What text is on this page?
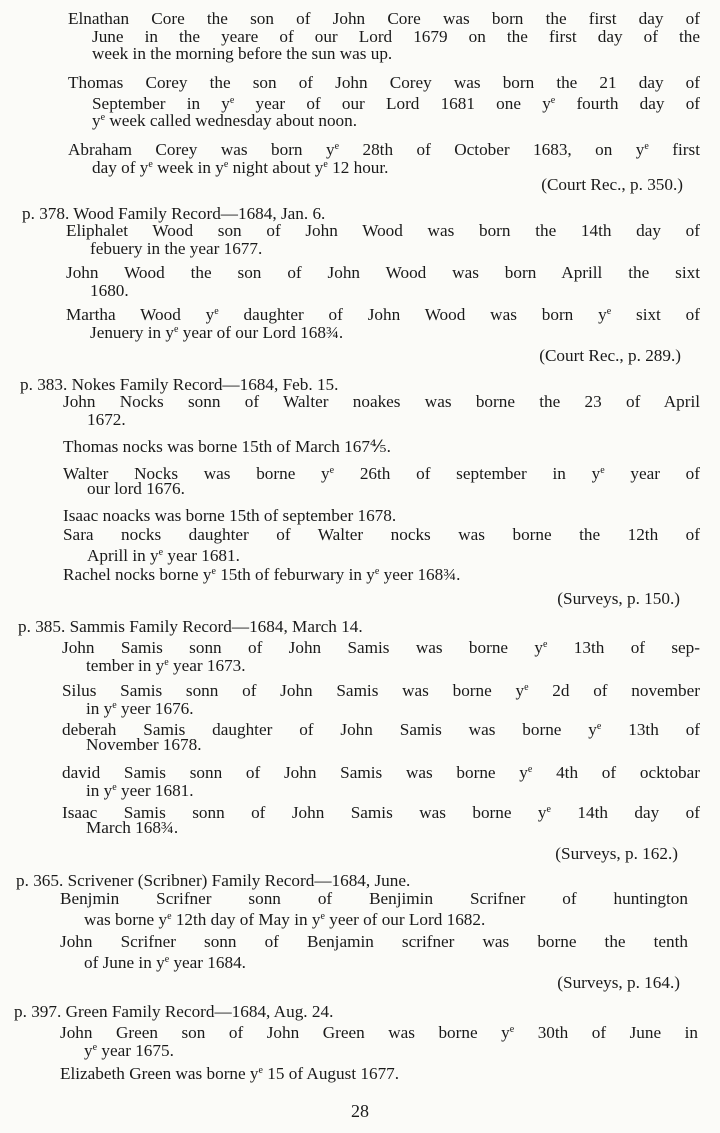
Elnathan Core the son of John Core was born the first day of
June in the yeare of our Lord 1679 on the first day of the
week in the morning before the sun was up.
Thomas Corey the son of John Corey was born the 21 day of
September in $y^e$ year of our Lord 1681 one $y^e$ fourth day of
$y^e$ week called wednesday about noon.
Abraham Corey was born $y^e$ 28th of October 1683, on $y^e$ first
day of $y^e$ week in $y^e$ night about $y^e$ 12 hour.

(Court Rec., p. 350.)

p. 378. Wood Family Record—1684, Jan. 6.

Eliphalet Wood son of John Wood was born the 14th day of
febuery in the year 1677.
John Wood the son of John Wood was born Aprill the sixt
1680.
Martha Wood $y^e$ daughter of John Wood was born $y^e$ sixt of
Jenuery in $y^e$ year of our Lord 168¾.

(Court Rec., p. 289.)

p. 383. Nokes Family Record—1684, Feb. 15.

John Nocks sonn of Walter noakes was borne the 23 of April
1672.
Thomas nocks was borne 15th of March 167⅘.
Walter Nocks was borne $y^e$ 26th of september in $y^e$ year of
our lord 1676.
Isaac noacks was borne 15th of september 1678.
Sara nocks daughter of Walter nocks was borne the 12th of
Aprill in $y^e$ year 1681.
Rachel nocks borne $y^e$ 15th of feburwary in $y^e$ yeer 168¾.

(Surveys, p. 150.)

p. 385. Sammis Family Record—1684, March 14.

John Samis sonn of John Samis was borne $y^e$ 13th of sep-
tember in $y^e$ year 1673.
Silus Samis sonn of John Samis was borne $y^e$ 2d of november
in $y^e$ yeer 1676.
deberah Samis daughter of John Samis was borne $y^e$ 13th of
November 1678.
david Samis sonn of John Samis was borne $y^e$ 4th of ocktobar
in $y^e$ yeer 1681.
Isaac Samis sonn of John Samis was borne $y^e$ 14th day of
March 168¾.

(Surveys, p. 162.)

p. 365. Scrivener (Scribner) Family Record—1684, June.

Benjmin Scrifner sonn of Benjimin Scrifner of huntington
was borne $y^e$ 12th day of May in $y^e$ yeer of our Lord 1682.
John Scrifner sonn of Benjamin scrifner was borne the tenth
of June in $y^e$ year 1684.

(Surveys, p. 164.)

p. 397. Green Family Record—1684, Aug. 24.

John Green son of John Green was borne $y^e$ 30th of June in
$y^e$ year 1675.
Elizabeth Green was borne $y^e$ 15 of August 1677.

28
